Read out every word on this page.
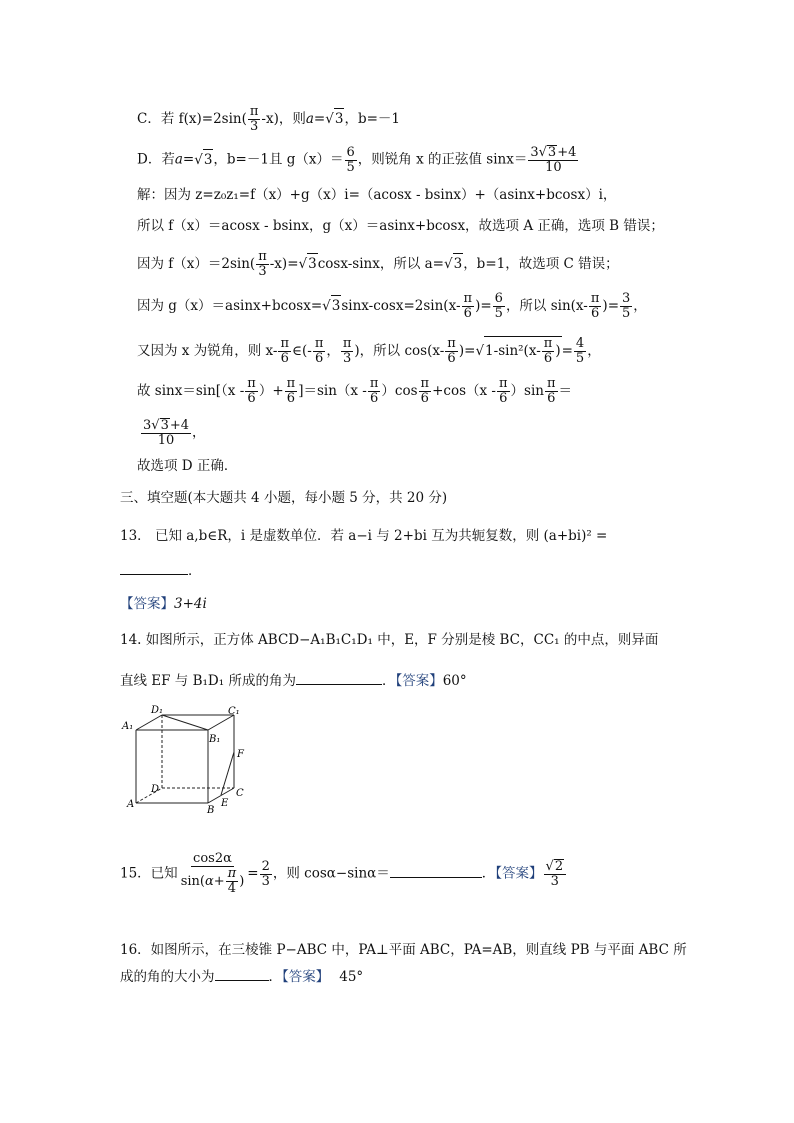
C．若 $f(x)=2\sin( \frac{\pi}{3} -x)$，则a=√3，b=－1
D．若a=√3，b=－1且 $g(x)= \frac{6}{5}$ ，则锐角 x 的正弦值 $\sin x= \frac{3√3+4}{10}$
解：因为 z=z₀z₁=f（x）+g（x）i=（acosx - bsinx）+（asinx+bcosx）i，
所以 f（x）＝acosx - bsinx，g（x）＝asinx+bcosx，故选项 A 正确，选项 B 错误；
因为 $f(x)=2\sin( \frac{\pi}{3} -x)=√3\cos x-\sin x$，所以 a=√3，b=1，故选项 C 错误；
因为 $g(x)=asinx+bcosx=√3\sin x-\cos x=2\sin(x- \frac{\pi}{6}$ )= $\frac{6}{5}$ ，所以 $\sin(x- \frac{\pi}{6}$ )= $\frac{3}{5}$ ，
又因为 x 为锐角，则 $x- \frac{\pi}{6}$ ∈(- $\frac{\pi}{6}$ ， $\frac{\pi}{3}$ )，所以 $\cos(x- \frac{\pi}{6} )=√1-\sin^2(x- \frac{\pi}{6}$ )= $\frac{4}{5}$ ，
故 $\sin x=\sin[(x - \frac{\pi}{6}$ ）+ $\frac{\pi}{6} ]=\sin(x - \frac{\pi}{6} )\cos \frac{\pi}{6} +\cos(x - \frac{\pi}{6} )\sin \frac{\pi}{6}$ ＝
$\frac{3√3+4}{10}$ ，
故选项 D 正确．
三、填空题(本大题共 4 小题，每小题 5 分，共 20 分)
13． 已知 a,b∈R，i 是虚数单位．若 a−i 与 2+bi 互为共轭复数，则 (a+bi)² =
．
【答案】3+4i
14. 如图所示，正方体 ABCD−A₁B₁C₁D₁ 中，E，F 分别是棱 BC，CC₁ 的中点，则异面
直线 EF 与 B₁D₁ 所成的角为	．【答案】60°
D₁	C₁
A₁
B₁
F
D	C
A	E
B
15．已知 $\frac{\cos 2\alpha}{\sin(\alpha+ \frac{\pi}{4} )} = \frac{2}{3}$ ，则 cosα−sinα＝	．【答案】 $\frac{√2}{3}$
16．如图所示，在三棱锥 P−ABC 中，PA⊥平面 ABC，PA=AB，则直线 PB 与平面 ABC 所
成的角的大小为	．【答案】 45°
